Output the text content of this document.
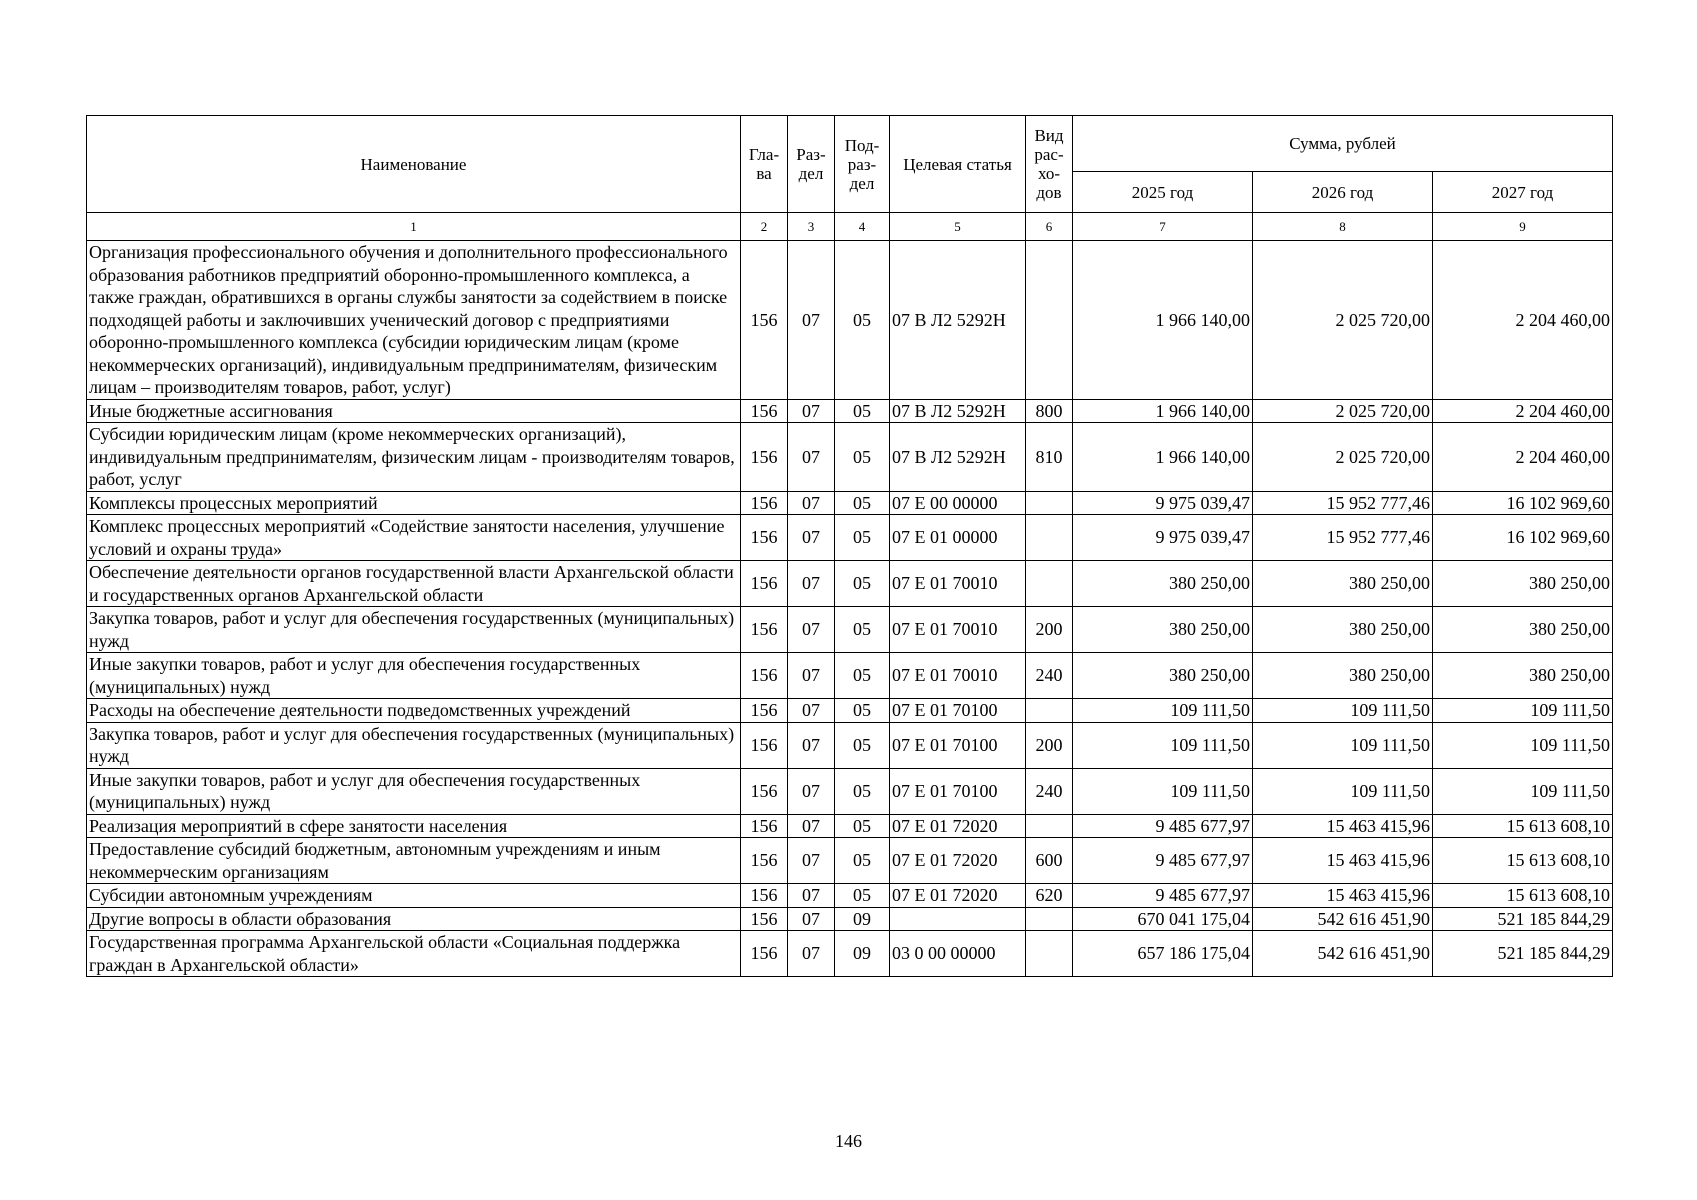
Наименование	Гла- ва	Раз- дел	Под- раз- дел	Целевая статья	Вид рас- хо- дов	Сумма, рублей		
						2025 год	2026 год	2027 год
1	2	3	4	5	6	7	8	9
Организация профессионального обучения и дополнительного профессионального образования работников предприятий оборонно-промышленного комплекса, а также граждан, обратившихся в органы службы занятости за содействием в поиске подходящей работы и заключивших ученический договор с предприятиями оборонно-промышленного комплекса (субсидии юридическим лицам (кроме некоммерческих организаций), индивидуальным предпринимателям, физическим лицам – производителям товаров, работ, услуг)	156	07	05	07 В Л2 5292Н		1 966 140,00	2 025 720,00	2 204 460,00
Иные бюджетные ассигнования	156	07	05	07 В Л2 5292Н	800	1 966 140,00	2 025 720,00	2 204 460,00
Субсидии юридическим лицам (кроме некоммерческих организаций), индивидуальным предпринимателям, физическим лицам - производителям товаров, работ, услуг	156	07	05	07 В Л2 5292Н	810	1 966 140,00	2 025 720,00	2 204 460,00
Комплексы процессных мероприятий	156	07	05	07 Е 00 00000		9 975 039,47	15 952 777,46	16 102 969,60
Комплекс процессных мероприятий «Содействие занятости населения, улучшение условий и охраны труда»	156	07	05	07 Е 01 00000		9 975 039,47	15 952 777,46	16 102 969,60
Обеспечение деятельности органов государственной власти Архангельской области и государственных органов Архангельской области	156	07	05	07 Е 01 70010		380 250,00	380 250,00	380 250,00
Закупка товаров, работ и услуг для обеспечения государственных (муниципальных) нужд	156	07	05	07 Е 01 70010	200	380 250,00	380 250,00	380 250,00
Иные закупки товаров, работ и услуг для обеспечения государственных (муниципальных) нужд	156	07	05	07 Е 01 70010	240	380 250,00	380 250,00	380 250,00
Расходы на обеспечение деятельности подведомственных учреждений	156	07	05	07 Е 01 70100		109 111,50	109 111,50	109 111,50
Закупка товаров, работ и услуг для обеспечения государственных (муниципальных) нужд	156	07	05	07 Е 01 70100	200	109 111,50	109 111,50	109 111,50
Иные закупки товаров, работ и услуг для обеспечения государственных (муниципальных) нужд	156	07	05	07 Е 01 70100	240	109 111,50	109 111,50	109 111,50
Реализация мероприятий в сфере занятости населения	156	07	05	07 Е 01 72020		9 485 677,97	15 463 415,96	15 613 608,10
Предоставление субсидий бюджетным, автономным учреждениям и иным некоммерческим организациям	156	07	05	07 Е 01 72020	600	9 485 677,97	15 463 415,96	15 613 608,10
Субсидии автономным учреждениям	156	07	05	07 Е 01 72020	620	9 485 677,97	15 463 415,96	15 613 608,10
Другие вопросы в области образования	156	07	09			670 041 175,04	542 616 451,90	521 185 844,29
Государственная программа Архангельской области «Социальная поддержка граждан в Архангельской области»	156	07	09	03 0 00 00000		657 186 175,04	542 616 451,90	521 185 844,29
146
